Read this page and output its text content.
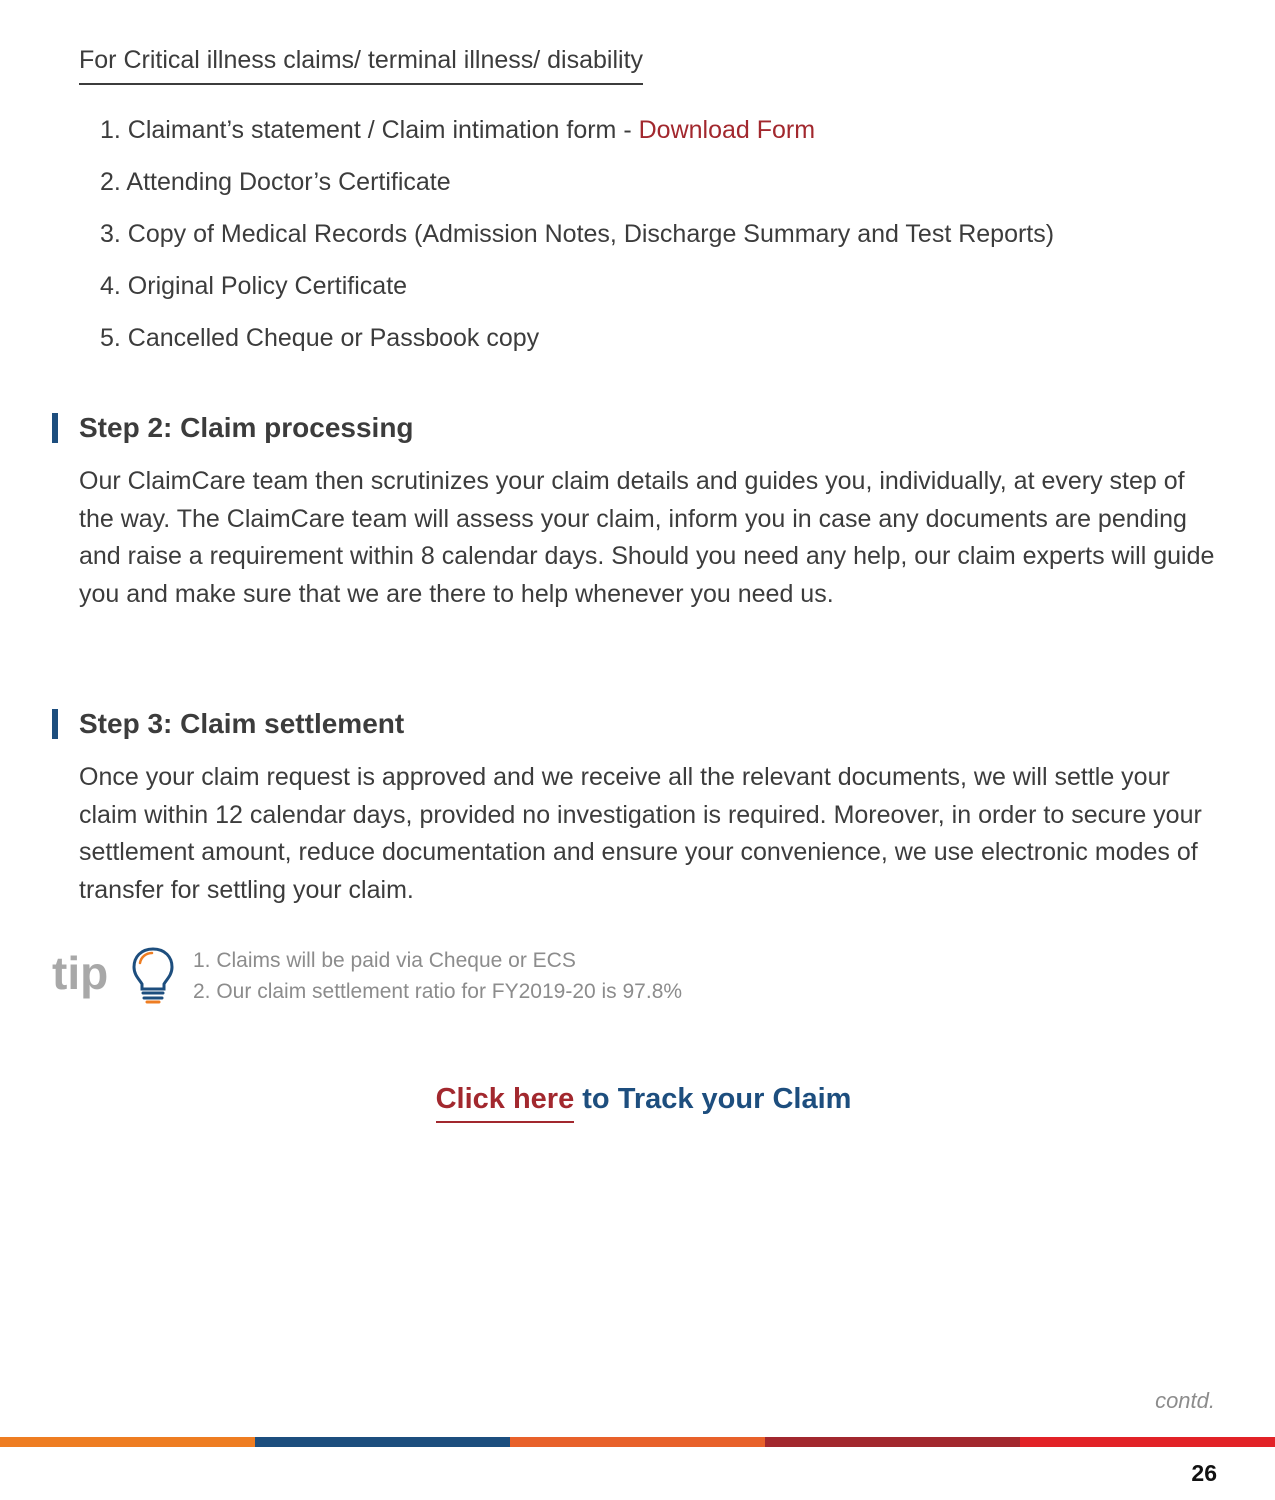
For Critical illness claims/ terminal illness/ disability
1. Claimant’s statement / Claim intimation form - Download Form
2. Attending Doctor’s Certificate
3. Copy of Medical Records (Admission Notes, Discharge Summary and Test Reports)
4. Original Policy Certificate
5. Cancelled Cheque or Passbook copy
Step 2: Claim processing

Our ClaimCare team then scrutinizes your claim details and guides you, individually, at every step of the way. The ClaimCare team will assess your claim, inform you in case any documents are pending and raise a requirement within 8 calendar days. Should you need any help, our claim experts will guide you and make sure that we are there to help whenever you need us.

Step 3: Claim settlement

Once your claim request is approved and we receive all the relevant documents, we will settle your claim within 12 calendar days, provided no investigation is required. Moreover, in order to secure your settlement amount, reduce documentation and ensure your convenience, we use electronic modes of transfer for settling your claim.

tip	1. Claims will be paid via Cheque or ECS
2. Our claim settlement ratio for FY2019-20 is 97.8%
Click here to Track your Claim
contd.
26
